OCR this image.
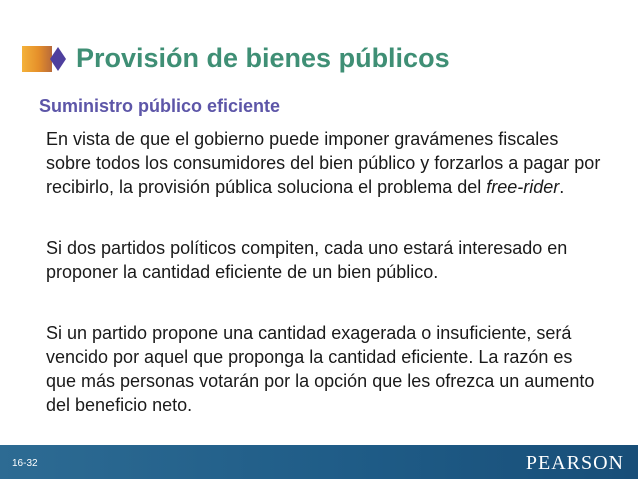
Provisión de bienes públicos
Suministro público eficiente
En vista de que el gobierno puede imponer gravámenes fiscales sobre todos los consumidores del bien público y forzarlos a pagar por recibirlo, la provisión pública soluciona el problema del free-rider.
Si dos partidos políticos compiten, cada uno estará interesado en proponer la cantidad eficiente de un bien público.
Si un partido propone una cantidad exagerada o insuficiente, será vencido por aquel que proponga la cantidad eficiente. La razón es que más personas votarán por la opción que les ofrezca un aumento del beneficio neto.
16-32	PEARSON
